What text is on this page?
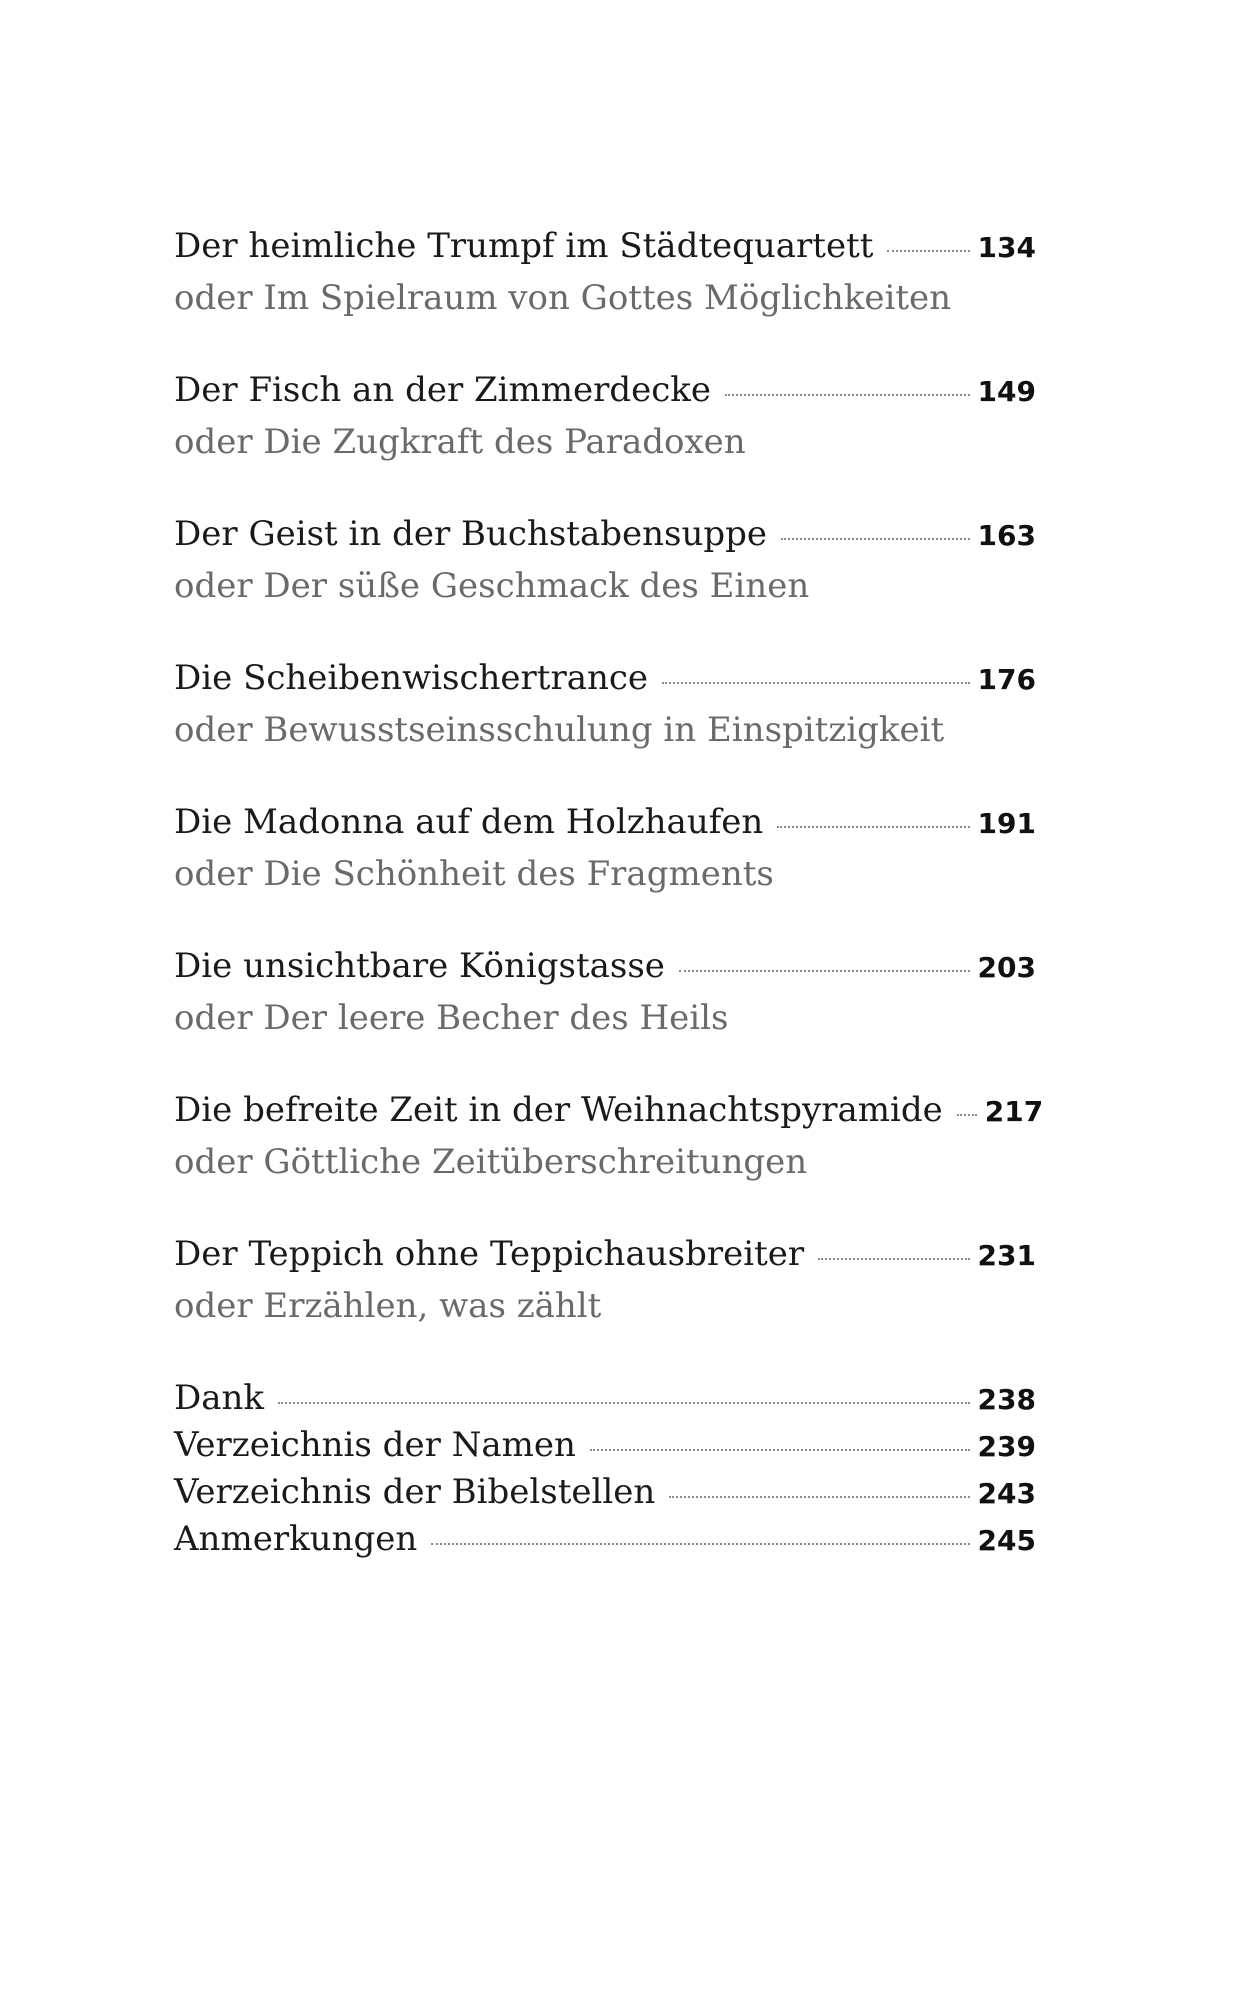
Der heimliche Trumpf im Städtequartett	134
oder Im Spielraum von Gottes Möglichkeiten
Der Fisch an der Zimmerdecke	149
oder Die Zugkraft des Paradoxen
Der Geist in der Buchstabensuppe	163
oder Der süße Geschmack des Einen
Die Scheibenwischertrance	176
oder Bewusstseinsschulung in Einspitzigkeit
Die Madonna auf dem Holzhaufen	191
oder Die Schönheit des Fragments
Die unsichtbare Königstasse	203
oder Der leere Becher des Heils
Die befreite Zeit in der Weihnachtspyramide 217
oder Göttliche Zeitüberschreitungen
Der Teppich ohne Teppichausbreiter	231
oder Erzählen, was zählt
Dank	238
Verzeichnis der Namen	239
Verzeichnis der Bibelstellen	243
Anmerkungen	245
